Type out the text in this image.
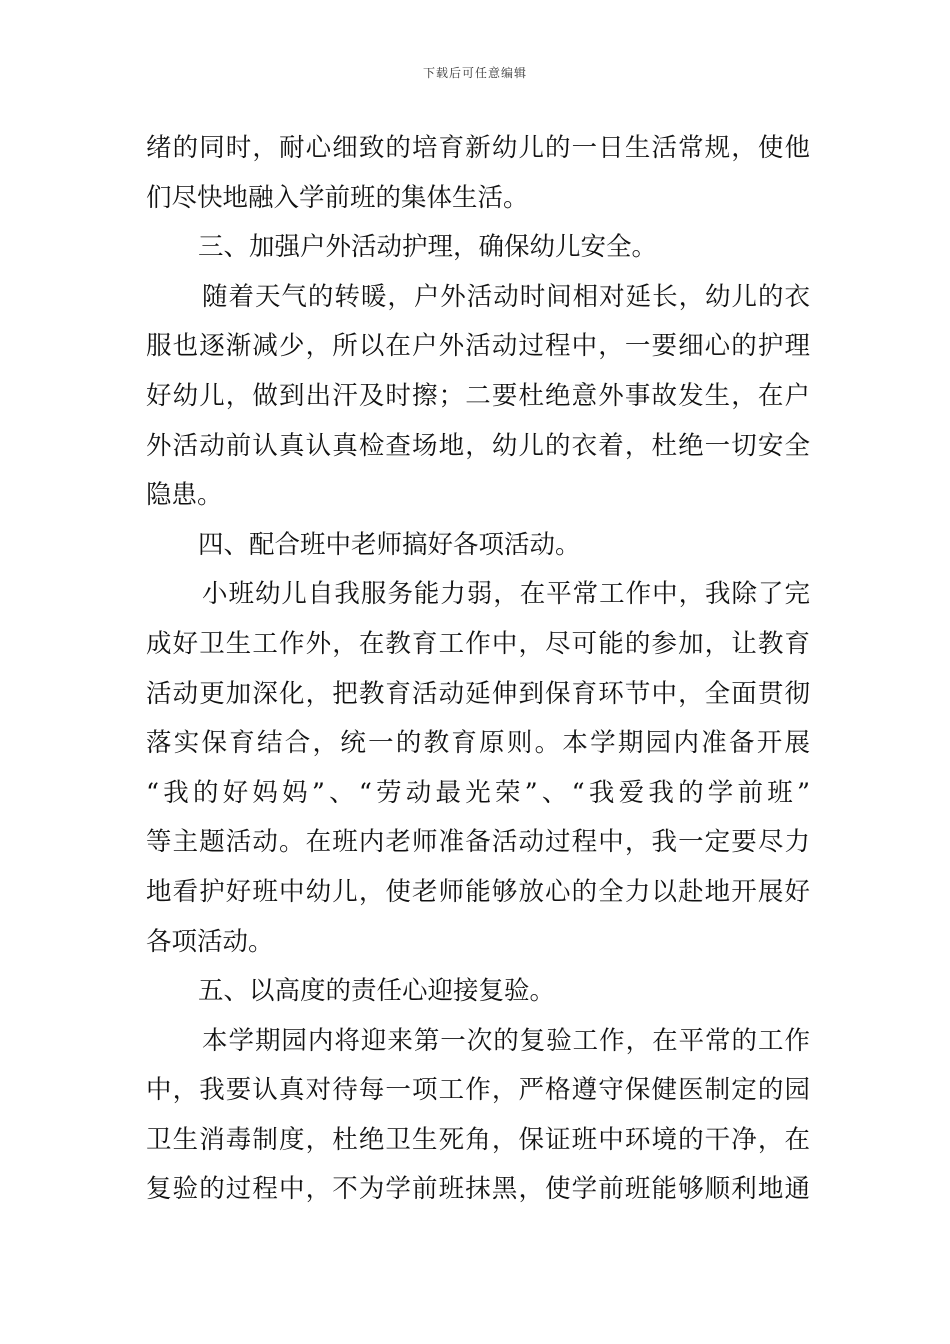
下载后可任意编辑
绪的同时，耐心细致的培育新幼儿的一日生活常规，使他
们尽快地融入学前班的集体生活。
三、加强户外活动护理，确保幼儿安全。
随着天气的转暖，户外活动时间相对延长，幼儿的衣
服也逐渐减少，所以在户外活动过程中，一要细心的护理
好幼儿，做到出汗及时擦；二要杜绝意外事故发生，在户
外活动前认真认真检查场地，幼儿的衣着，杜绝一切安全
隐患。
四、配合班中老师搞好各项活动。
小班幼儿自我服务能力弱，在平常工作中，我除了完
成好卫生工作外，在教育工作中，尽可能的参加，让教育
活动更加深化，把教育活动延伸到保育环节中，全面贯彻
落实保育结合，统一的教育原则。本学期园内准备开展
“我的好妈妈”、“劳动最光荣”、“我爱我的学前班”
等主题活动。在班内老师准备活动过程中，我一定要尽力
地看护好班中幼儿，使老师能够放心的全力以赴地开展好
各项活动。
五、以高度的责任心迎接复验。
本学期园内将迎来第一次的复验工作，在平常的工作
中，我要认真对待每一项工作，严格遵守保健医制定的园
卫生消毒制度，杜绝卫生死角，保证班中环境的干净，在
复验的过程中，不为学前班抹黑，使学前班能够顺利地通
